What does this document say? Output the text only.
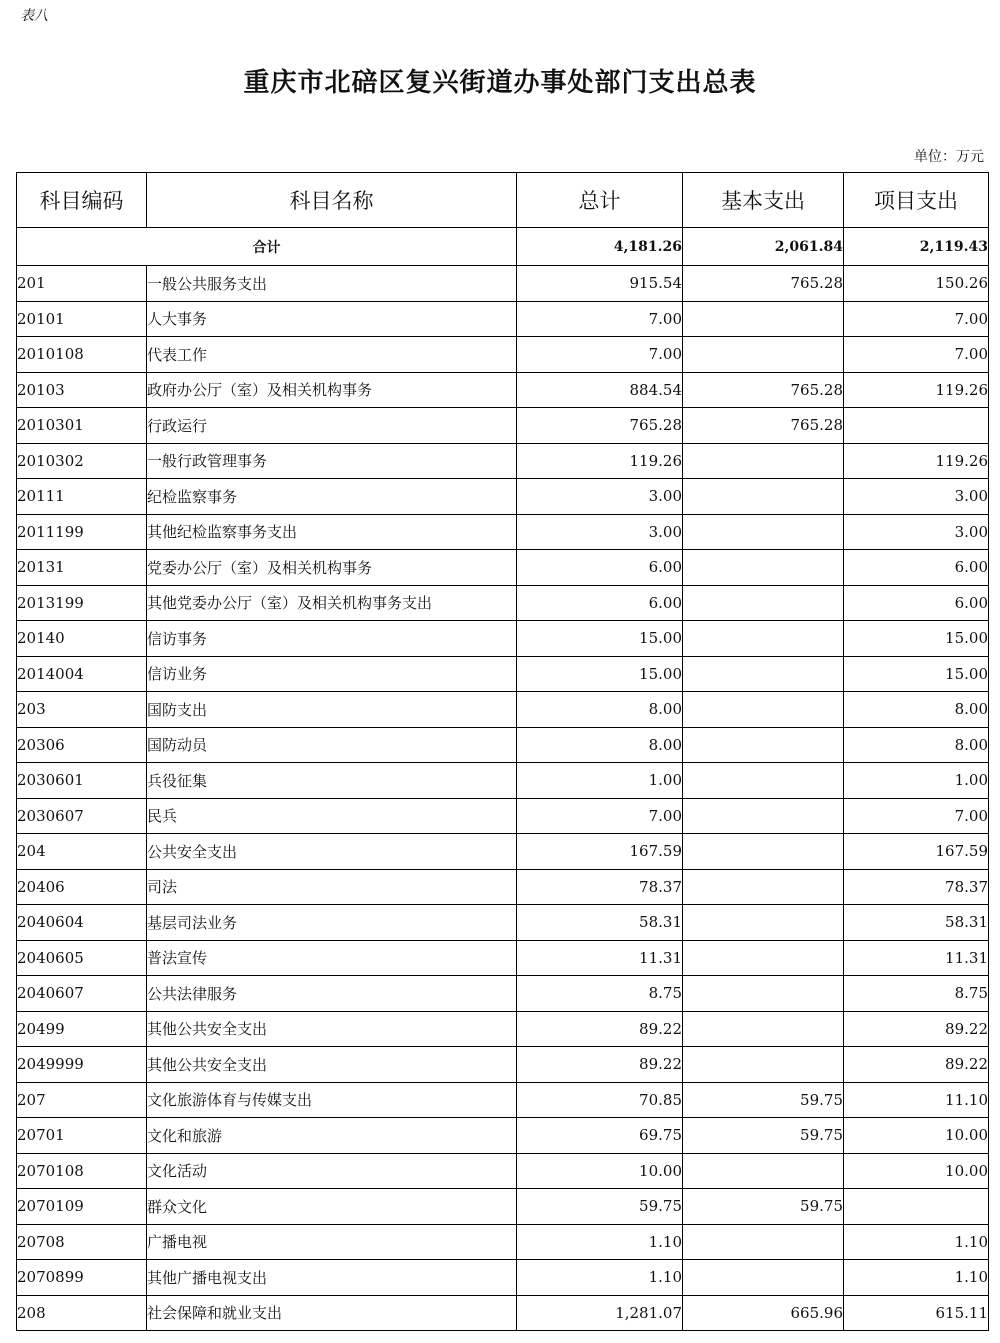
表八
重庆市北碚区复兴街道办事处部门支出总表
单位：万元
科目编码	科目名称	总计	基本支出	项目支出
合计		4,181.26	2,061.84	2,119.43
201	一般公共服务支出	915.54	765.28	150.26
20101	人大事务	7.00		7.00
2010108	代表工作	7.00		7.00
20103	政府办公厅（室）及相关机构事务	884.54	765.28	119.26
2010301	行政运行	765.28	765.28	
2010302	一般行政管理事务	119.26		119.26
20111	纪检监察事务	3.00		3.00
2011199	其他纪检监察事务支出	3.00		3.00
20131	党委办公厅（室）及相关机构事务	6.00		6.00
2013199	其他党委办公厅（室）及相关机构事务支出	6.00		6.00
20140	信访事务	15.00		15.00
2014004	信访业务	15.00		15.00
203	国防支出	8.00		8.00
20306	国防动员	8.00		8.00
2030601	兵役征集	1.00		1.00
2030607	民兵	7.00		7.00
204	公共安全支出	167.59		167.59
20406	司法	78.37		78.37
2040604	基层司法业务	58.31		58.31
2040605	普法宣传	11.31		11.31
2040607	公共法律服务	8.75		8.75
20499	其他公共安全支出	89.22		89.22
2049999	其他公共安全支出	89.22		89.22
207	文化旅游体育与传媒支出	70.85	59.75	11.10
20701	文化和旅游	69.75	59.75	10.00
2070108	文化活动	10.00		10.00
2070109	群众文化	59.75	59.75	
20708	广播电视	1.10		1.10
2070899	其他广播电视支出	1.10		1.10
208	社会保障和就业支出	1,281.07	665.96	615.11
